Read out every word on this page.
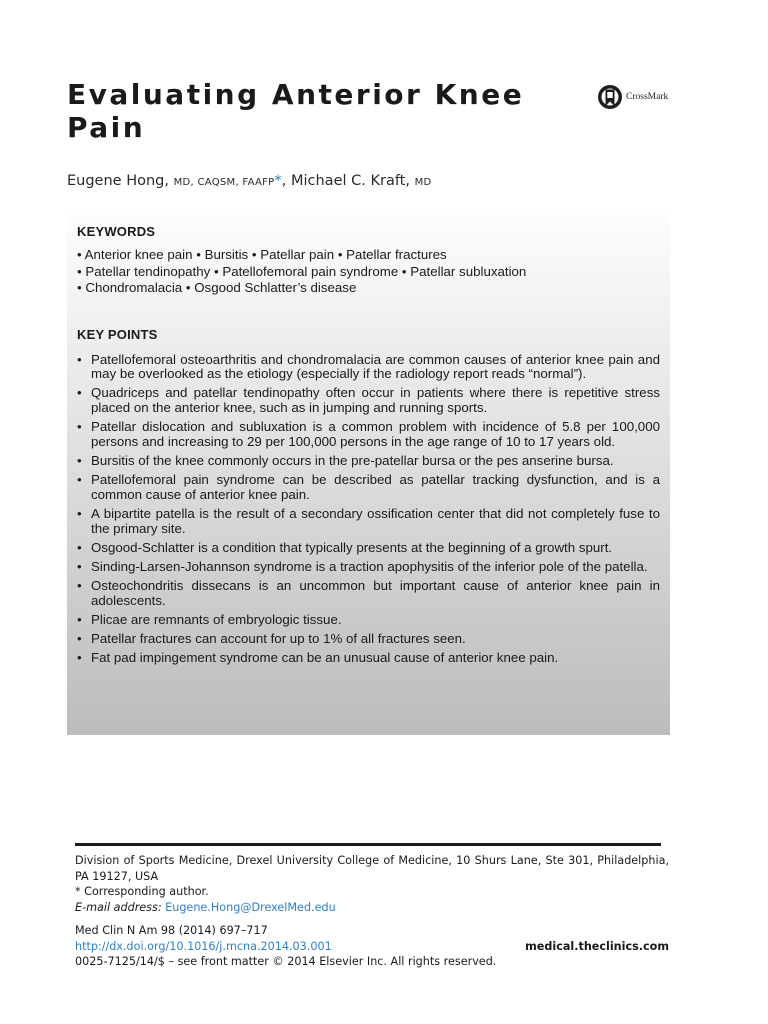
Evaluating Anterior Knee Pain
CrossMark
Eugene Hong, MD, CAQSM, FAAFP*, Michael C. Kraft, MD
KEYWORDS
• Anterior knee pain • Bursitis • Patellar pain • Patellar fractures
• Patellar tendinopathy • Patellofemoral pain syndrome • Patellar subluxation
• Chondromalacia • Osgood Schlatter’s disease
KEY POINTS
• Patellofemoral osteoarthritis and chondromalacia are common causes of anterior knee pain and may be overlooked as the etiology (especially if the radiology report reads “normal”).
• Quadriceps and patellar tendinopathy often occur in patients where there is repetitive stress placed on the anterior knee, such as in jumping and running sports.
• Patellar dislocation and subluxation is a common problem with incidence of 5.8 per 100,000 persons and increasing to 29 per 100,000 persons in the age range of 10 to 17 years old.
• Bursitis of the knee commonly occurs in the pre-patellar bursa or the pes anserine bursa.
• Patellofemoral pain syndrome can be described as patellar tracking dysfunction, and is a common cause of anterior knee pain.
• A bipartite patella is the result of a secondary ossification center that did not completely fuse to the primary site.
• Osgood-Schlatter is a condition that typically presents at the beginning of a growth spurt.
• Sinding-Larsen-Johannson syndrome is a traction apophysitis of the inferior pole of the patella.
• Osteochondritis dissecans is an uncommon but important cause of anterior knee pain in adolescents.
• Plicae are remnants of embryologic tissue.
• Patellar fractures can account for up to 1% of all fractures seen.
• Fat pad impingement syndrome can be an unusual cause of anterior knee pain.
Division of Sports Medicine, Drexel University College of Medicine, 10 Shurs Lane, Ste 301, Philadelphia, PA 19127, USA
* Corresponding author.
E-mail address: Eugene.Hong@DrexelMed.edu
Med Clin N Am 98 (2014) 697–717
http://dx.doi.org/10.1016/j.mcna.2014.03.001	medical.theclinics.com
0025-7125/14/$ – see front matter © 2014 Elsevier Inc. All rights reserved.
